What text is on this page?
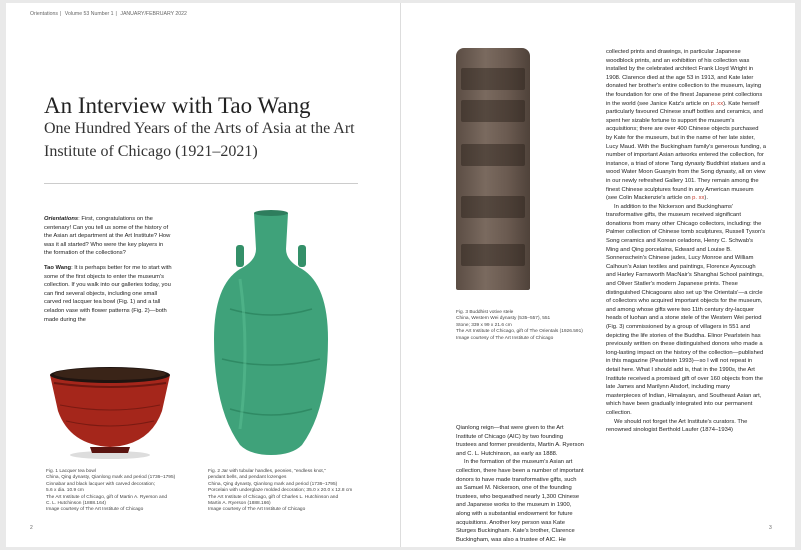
Orientations | Volume 53 Number 1 | JANUARY/FEBRUARY 2022
An Interview with Tao Wang
One Hundred Years of the Arts of Asia at the Art Institute of Chicago (1921–2021)

Orientations: First, congratulations on the centenary! Can you tell us some of the history of the Asian art department at the Art Institute? How was it all started? Who were the key players in the formation of the collections?

Tao Wang: It is perhaps better for me to start with some of the first objects to enter the museum's collection. If you walk into our galleries today, you can find several objects, including one small carved red lacquer tea bowl (Fig. 1) and a tall celadon vase with flower patterns (Fig. 2)—both made during the

Fig. 1 Lacquer tea bowl
China, Qing dynasty, Qianlong mark and period (1736–1795)
Cinnabar and black lacquer with carved decoration;
5.6 x dia. 10.9 cm
The Art Institute of Chicago, gift of Martin A. Ryerson and
C. L. Hutchinson (1888.164)
Image courtesy of The Art Institute of Chicago
Fig. 2 Jar with tubular handles, peonies, "endless knot,"
pendant bells, and pendant lozenges
China, Qing dynasty, Qianlong mark and period (1736–1795)
Porcelain with underglaze molded decoration; 35.0 x 20.0 x 12.8 cm
The Art Institute of Chicago, gift of Charles L. Hutchinson and
Martin A. Ryerson (1888.166)
Image courtesy of The Art Institute of Chicago
2
Fig. 3 Buddhist votive stele
China, Western Wei dynasty (535–557), 551
Stone; 339 x 99 x 21.6 cm
The Art Institute of Chicago, gift of The Orientals (1926.591)
Image courtesy of The Art Institute of Chicago

Qianlong reign—that were given to the Art Institute of Chicago (AIC) by two founding trustees and former presidents, Martin A. Ryerson and C. L. Hutchinson, as early as 1888.

In the formation of the museum's Asian art collection, there have been a number of important donors to have made transformative gifts, such as Samuel M. Nickerson, one of the founding trustees, who bequeathed nearly 1,300 Chinese and Japanese works to the museum in 1900, along with a substantial endowment for future acquisitions. Another key person was Kate Sturges Buckingham. Kate's brother, Clarence Buckingham, was also a trustee of AIC. He

collected prints and drawings, in particular Japanese woodblock prints, and an exhibition of his collection was installed by the celebrated architect Frank Lloyd Wright in 1908. Clarence died at the age 53 in 1913, and Kate later donated her brother's entire collection to the museum, laying the foundation for one of the finest Japanese print collections in the world (see Janice Katz's article on p. xx). Kate herself particularly favoured Chinese snuff bottles and ceramics, and spent her sizable fortune to support the museum's acquisitions; there are over 400 Chinese objects purchased by Kate for the museum, but in the name of her late sister, Lucy Maud. With the Buckingham family's generous funding, a number of important Asian artworks entered the collection, for instance, a triad of stone Tang dynasty Buddhist statues and a wood Water Moon Guanyin from the Song dynasty, all on view in our newly refreshed Gallery 101. They remain among the finest Chinese sculptures found in any American museum (see Colin Mackenzie's article on p. xx).

In addition to the Nickerson and Buckinghams' transformative gifts, the museum received significant donations from many other Chicago collectors, including: the Palmer collection of Chinese tomb sculptures, Russell Tyson's Song ceramics and Korean celadons, Henry C. Schwab's Ming and Qing porcelains, Edward and Louise B. Sonnenschein's Chinese jades, Lucy Monroe and William Calhoun's Asian textiles and paintings, Florence Ayscough and Harley Farnsworth MacNair's Shanghai School paintings, and Oliver Statler's modern Japanese prints. These distinguished Chicagoans also set up 'the Orientals'—a circle of collectors who acquired important objects for the museum, and among whose gifts were two 11th century dry-lacquer heads of luohan and a stone stele of the Western Wei period (Fig. 3) commissioned by a group of villagers in 551 and depicting the life stories of the Buddha. Elinor Pearlstein has previously written on these distinguished donors who made a long-lasting impact on the history of the collection—published in this magazine (Pearlstein 1993)—so I will not repeat in detail here. What I should add is, that in the 1990s, the Art Institute received a promised gift of over 160 objects from the late James and Marilynn Alsdorf, including many masterpieces of Indian, Himalayan, and Southeast Asian art, which have been gradually integrated into our permanent collection.

We should not forget the Art Institute's curators. The renowned sinologist Berthold Laufer (1874–1934)

3
